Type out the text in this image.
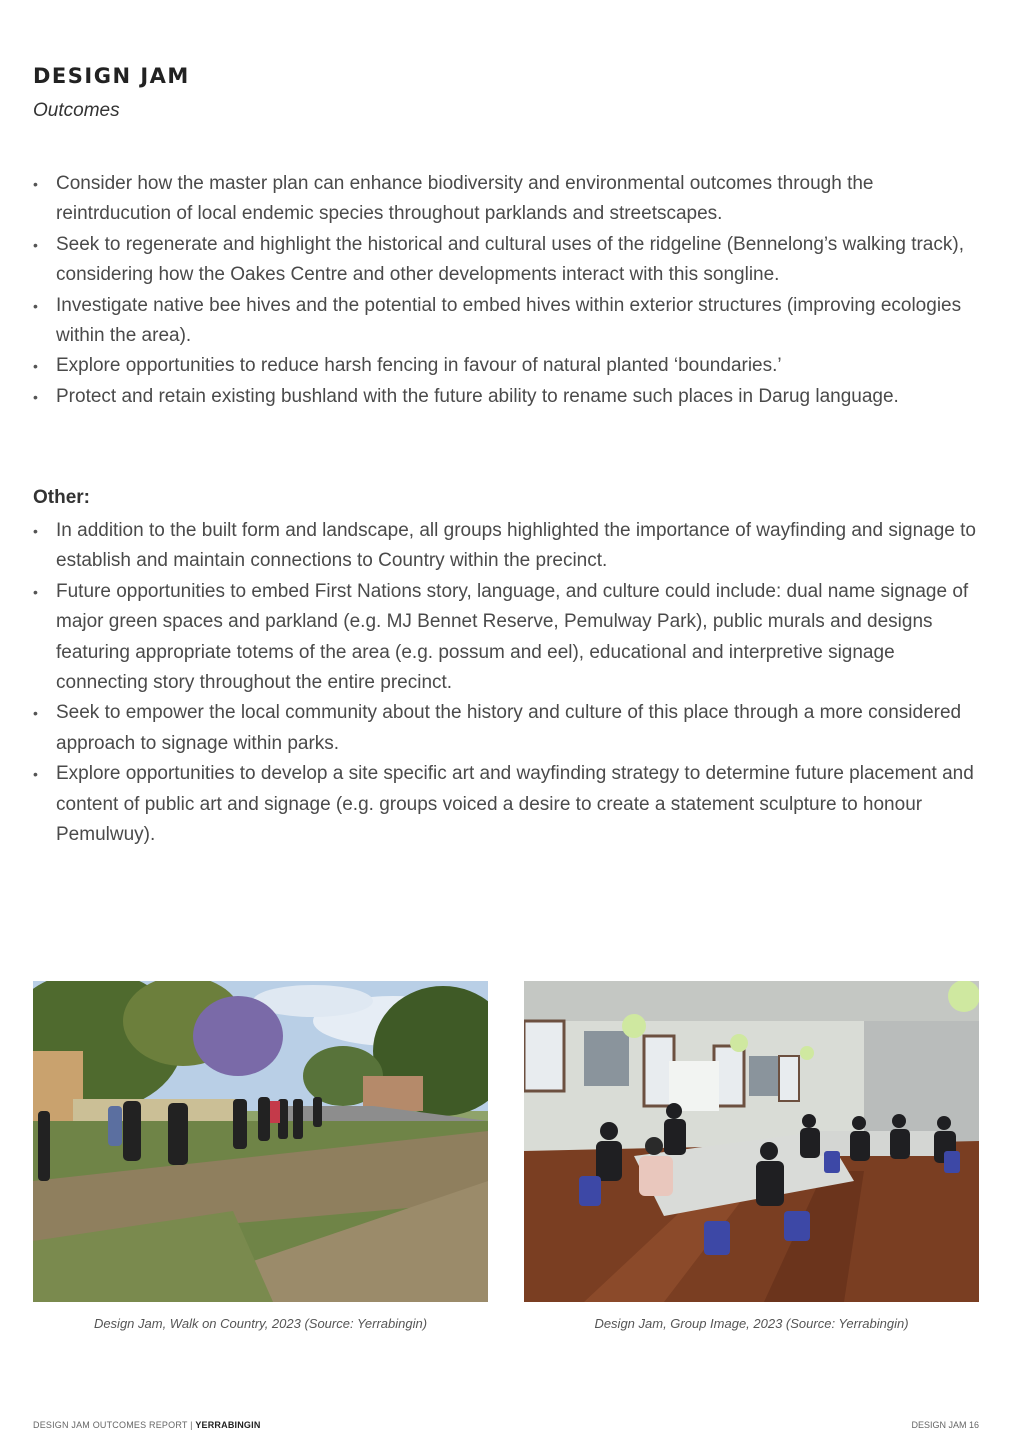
DESIGN JAM
Outcomes
• Consider how the master plan can enhance biodiversity and environmental outcomes through the reintrducution of local endemic species throughout parklands and streetscapes.
• Seek to regenerate and highlight the historical and cultural uses of the ridgeline (Bennelong’s walking track), considering how the Oakes Centre and other developments interact with this songline.
• Investigate native bee hives and the potential to embed hives within exterior structures (improving ecologies within the area).
• Explore opportunities to reduce harsh fencing in favour of natural planted ‘boundaries.’
• Protect and retain existing bushland with the future ability to rename such places in Darug language.
Other:
• In addition to the built form and landscape, all groups highlighted the importance of wayfinding and signage to establish and maintain connections to Country within the precinct.
• Future opportunities to embed First Nations story, language, and culture could include: dual name signage of major green spaces and parkland (e.g. MJ Bennet Reserve, Pemulway Park), public murals and designs featuring appropriate totems of the area (e.g. possum and eel), educational and interpretive signage connecting story throughout the entire precinct.
• Seek to empower the local community about the history and culture of this place through a more considered approach to signage within parks.
• Explore opportunities to develop a site specific art and wayfinding strategy to determine future placement and content of public art and signage (e.g. groups voiced a desire to create a statement sculpture to honour Pemulwuy).
Design Jam, Walk on Country, 2023 (Source: Yerrabingin)	Design Jam, Group Image, 2023 (Source: Yerrabingin)
DESIGN JAM OUTCOMES REPORT | YERRABINGIN	DESIGN JAM 16
